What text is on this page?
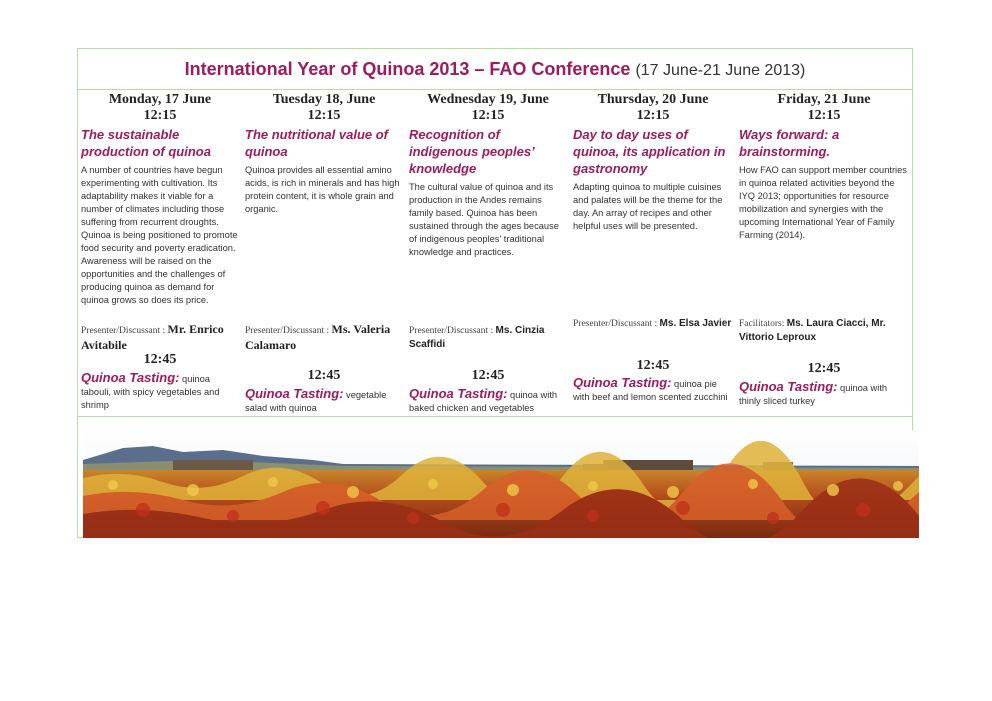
International Year of Quinoa 2013 – FAO Conference (17 June-21 June 2013)
Monday, 17 June
12:15
The sustainable production of quinoa
A number of countries have begun experimenting with cultivation. Its adaptability makes it viable for a number of climates including those suffering from recurrent droughts. Quinoa is being positioned to promote food security and poverty eradication. Awareness will be raised on the opportunities and the challenges of producing quinoa as demand for quinoa grows so does its price.
Presenter/Discussant : Mr. Enrico Avitabile
12:45
Quinoa Tasting: quinoa tabouli, with spicy vegetables and shrimp
Tuesday 18, June
12:15
The nutritional value of quinoa
Quinoa provides all essential amino acids, is rich in minerals and has high protein content, it is whole grain and organic.
Presenter/Discussant : Ms. Valeria Calamaro
12:45
Quinoa Tasting: vegetable salad with quinoa
Wednesday 19, June
12:15
Recognition of indigenous peoples’ knowledge
The cultural value of quinoa and its production in the Andes remains family based. Quinoa has been sustained through the ages because of indigenous peoples’ traditional knowledge and practices.
Presenter/Discussant : Ms. Cinzia Scaffidi
12:45
Quinoa Tasting: quinoa with baked chicken and vegetables
Thursday, 20 June
12:15
Day to day uses of quinoa, its application in gastronomy
Adapting quinoa to multiple cuisines and palates will be the theme for the day. An array of recipes and other helpful uses will be presented.
Presenter/Discussant : Ms. Elsa Javier
12:45
Quinoa Tasting: quinoa pie with beef and lemon scented zucchini
Friday, 21 June
12:15
Ways forward: a brainstorming.
How FAO can support member countries in quinoa related activities beyond the IYQ 2013; opportunities for resource mobilization and synergies with the upcoming International Year of Family Farming (2014).
Facilitators: Ms. Laura Ciacci, Mr. Vittorio Leproux
12:45
Quinoa Tasting: quinoa with thinly sliced turkey
